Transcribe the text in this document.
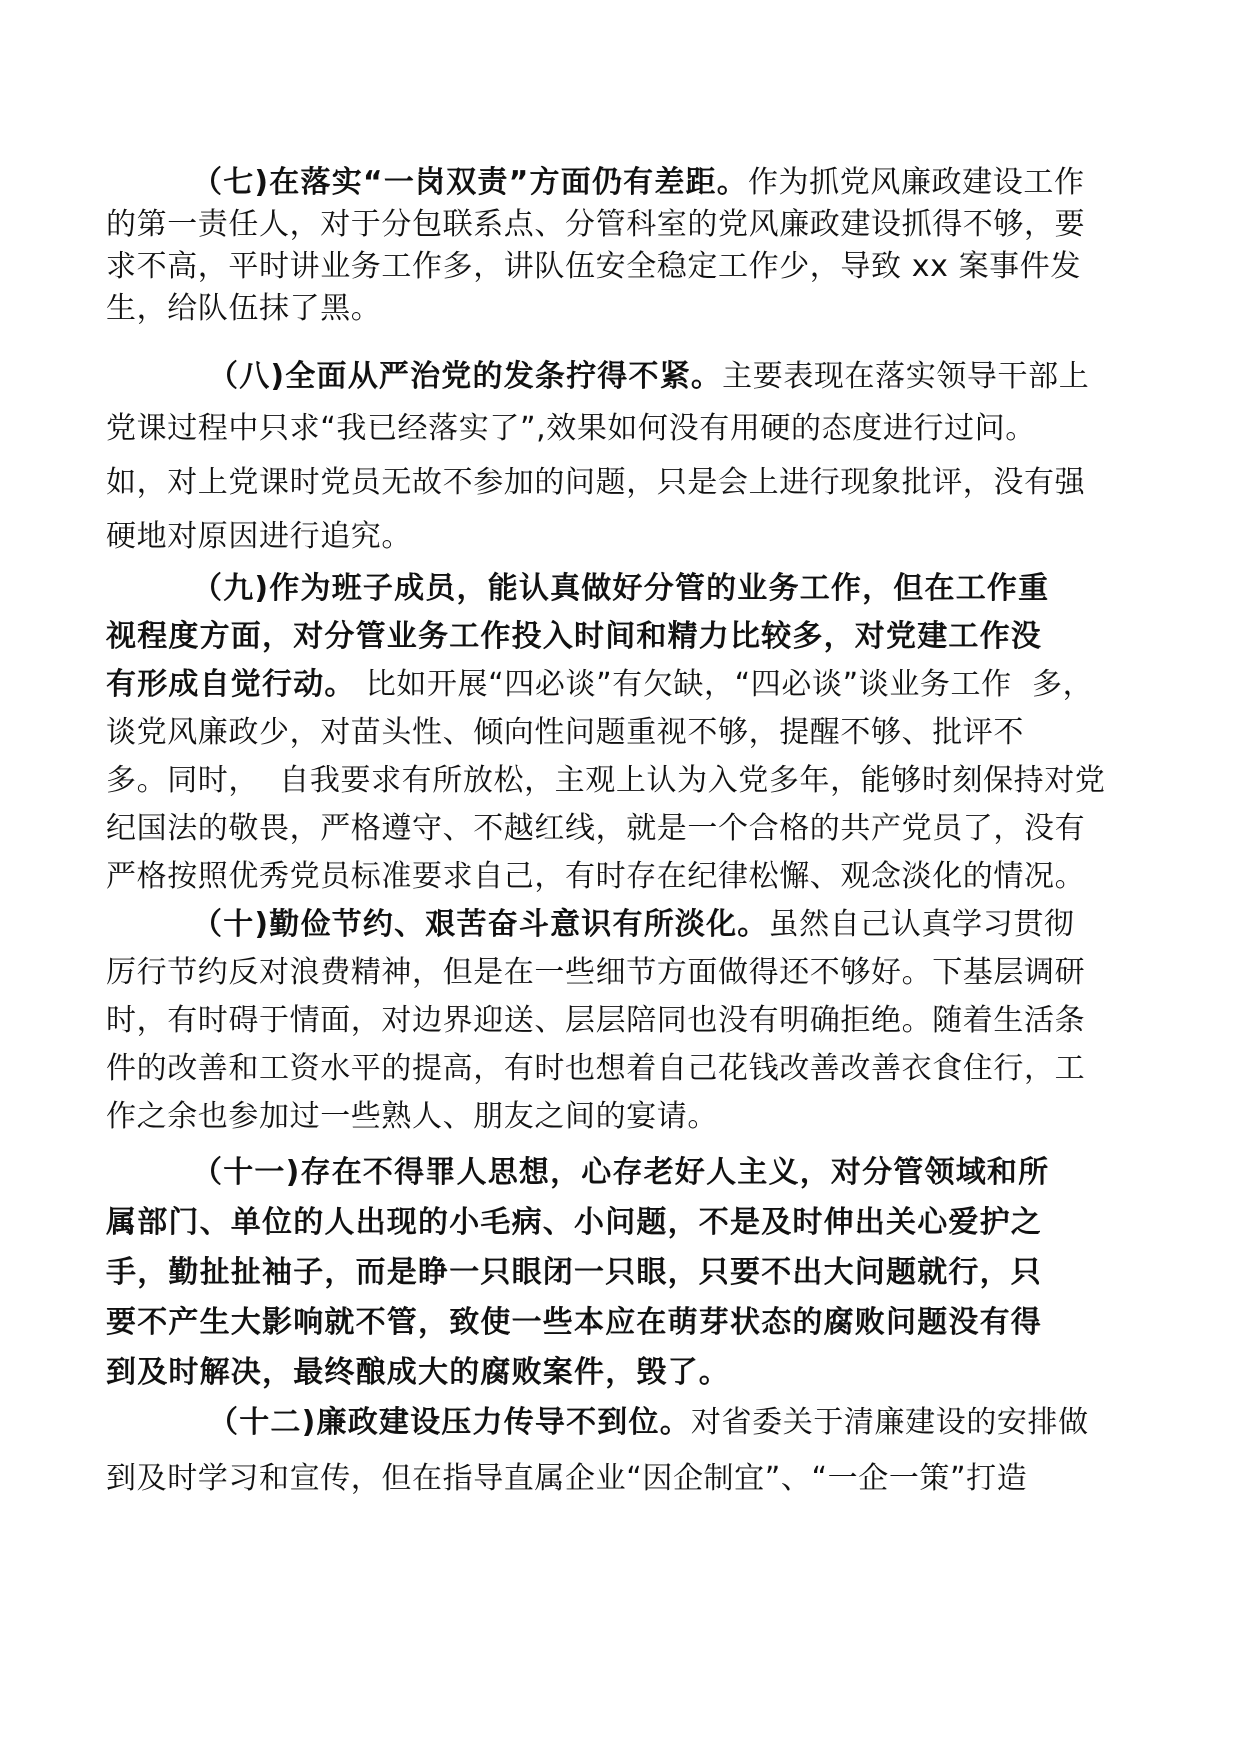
（七)在落实“一岗双责”方面仍有差距。作为抓党风廉政建设工作
的第一责任人，对于分包联系点、分管科室的党风廉政建设抓得不够，要
求不高，平时讲业务工作多，讲队伍安全稳定工作少，导致 xx 案事件发
生，给队伍抹了黑。
（八)全面从严治党的发条拧得不紧。主要表现在落实领导干部上
党课过程中只求“我已经落实了”,效果如何没有用硬的态度进行过问。
如，对上党课时党员无故不参加的问题，只是会上进行现象批评，没有强
硬地对原因进行追究。
（九)作为班子成员，能认真做好分管的业务工作，但在工作重
视程度方面，对分管业务工作投入时间和精力比较多，对党建工作没
有形成自觉行动。 比如开展“四必谈”有欠缺，“四必谈”谈业务工作  多，
谈党风廉政少，对苗头性、倾向性问题重视不够，提醒不够、批评不
多。同时，  自我要求有所放松，主观上认为入党多年，能够时刻保持对党
纪国法的敬畏，严格遵守、不越红线，就是一个合格的共产党员了，没有
严格按照优秀党员标准要求自己，有时存在纪律松懈、观念淡化的情况。
（十)勤俭节约、艰苦奋斗意识有所淡化。虽然自己认真学习贯彻
厉行节约反对浪费精神，但是在一些细节方面做得还不够好。下基层调研
时，有时碍于情面，对边界迎送、层层陪同也没有明确拒绝。随着生活条
件的改善和工资水平的提高，有时也想着自己花钱改善改善衣食住行，工
作之余也参加过一些熟人、朋友之间的宴请。
（十一)存在不得罪人思想，心存老好人主义，对分管领域和所
属部门、单位的人出现的小毛病、小问题，不是及时伸出关心爱护之
手，勤扯扯袖子，而是睁一只眼闭一只眼，只要不出大问题就行，只
要不产生大影响就不管，致使一些本应在萌芽状态的腐败问题没有得
到及时解决，最终酿成大的腐败案件，毁了。
（十二)廉政建设压力传导不到位。对省委关于清廉建设的安排做
到及时学习和宣传，但在指导直属企业“因企制宜”、“一企一策”打造
